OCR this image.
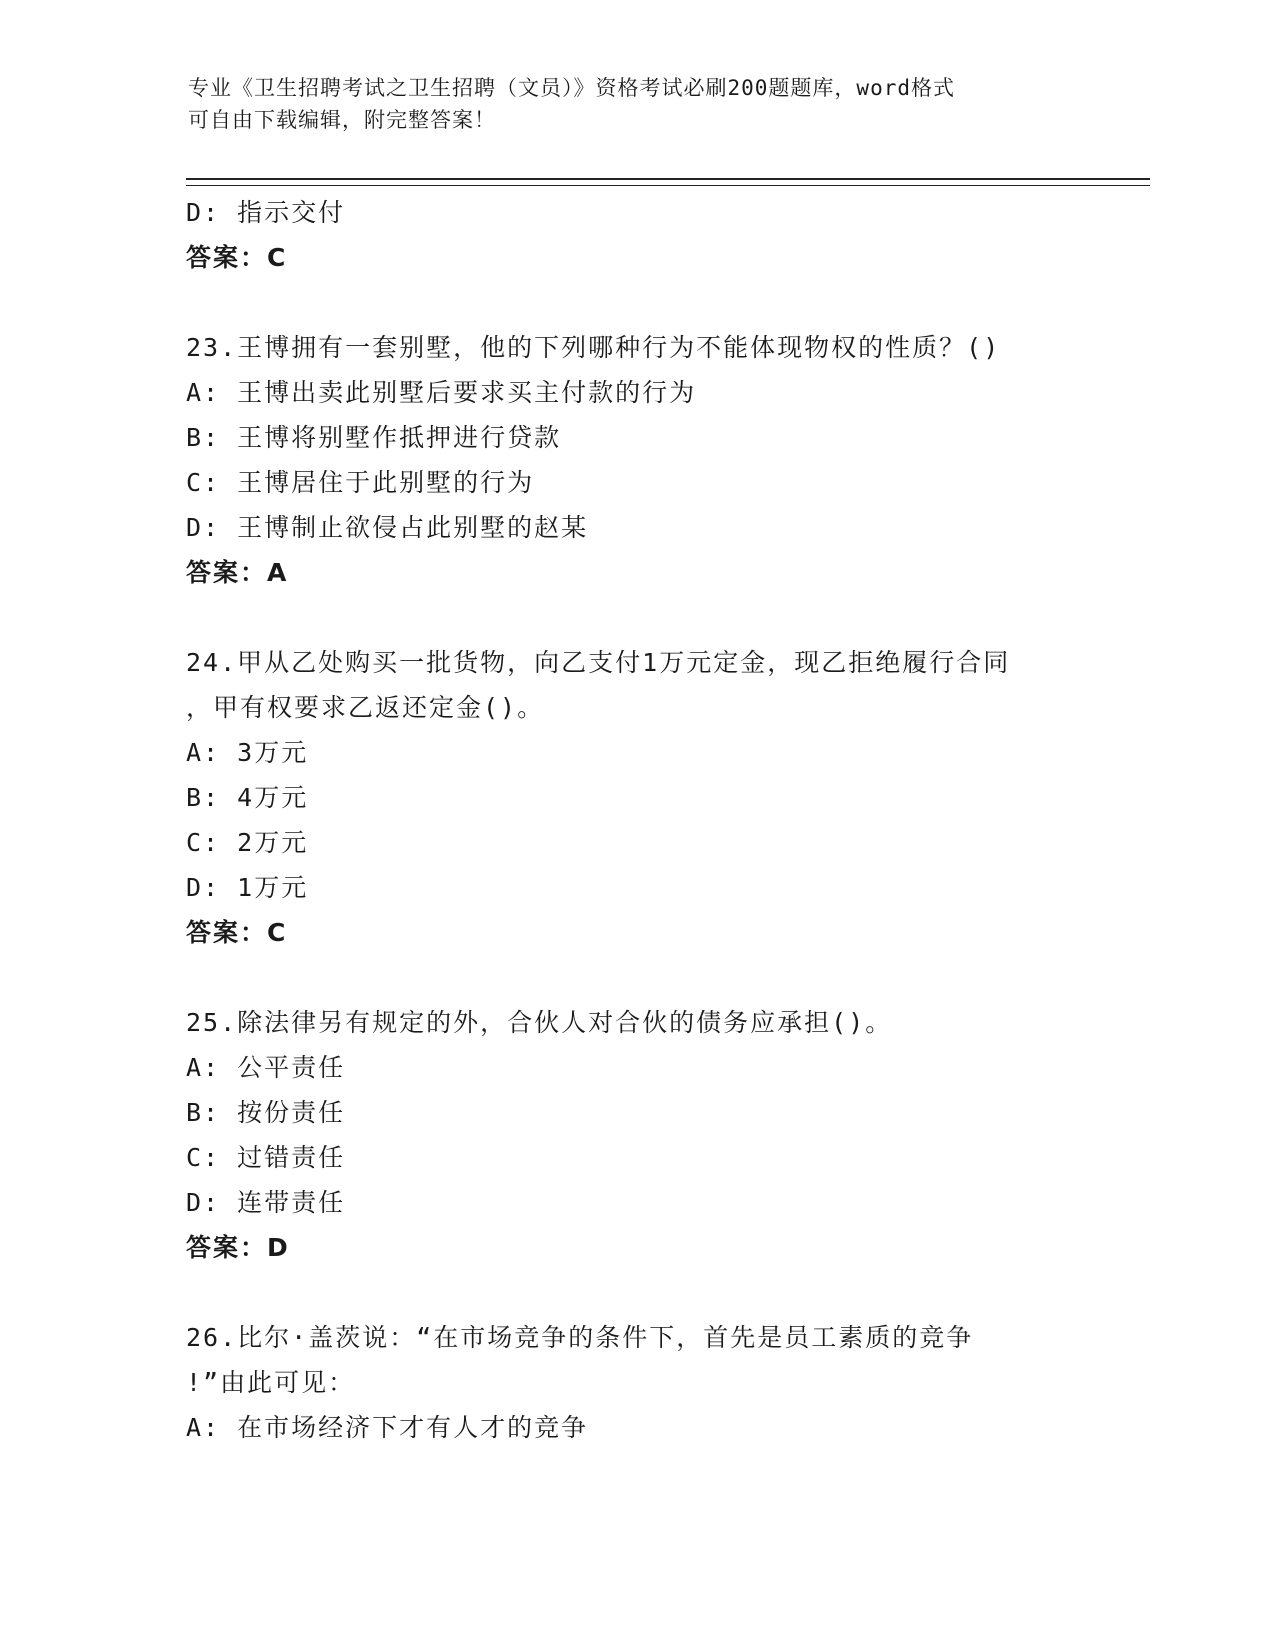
专业《卫生招聘考试之卫生招聘（文员）》资格考试必刷200题题库，word格式
可自由下载编辑，附完整答案！
D: 指示交付
答案：C
23.王博拥有一套别墅，他的下列哪种行为不能体现物权的性质？()
A: 王博出卖此别墅后要求买主付款的行为
B: 王博将别墅作抵押进行贷款
C: 王博居住于此别墅的行为
D: 王博制止欲侵占此别墅的赵某
答案：A
24.甲从乙处购买一批货物，向乙支付1万元定金，现乙拒绝履行合同
，甲有权要求乙返还定金()。
A: 3万元
B: 4万元
C: 2万元
D: 1万元
答案：C
25.除法律另有规定的外，合伙人对合伙的债务应承担()。
A: 公平责任
B: 按份责任
C: 过错责任
D: 连带责任
答案：D
26.比尔·盖茨说：“在市场竞争的条件下，首先是员工素质的竞争
!”由此可见：
A: 在市场经济下才有人才的竞争
